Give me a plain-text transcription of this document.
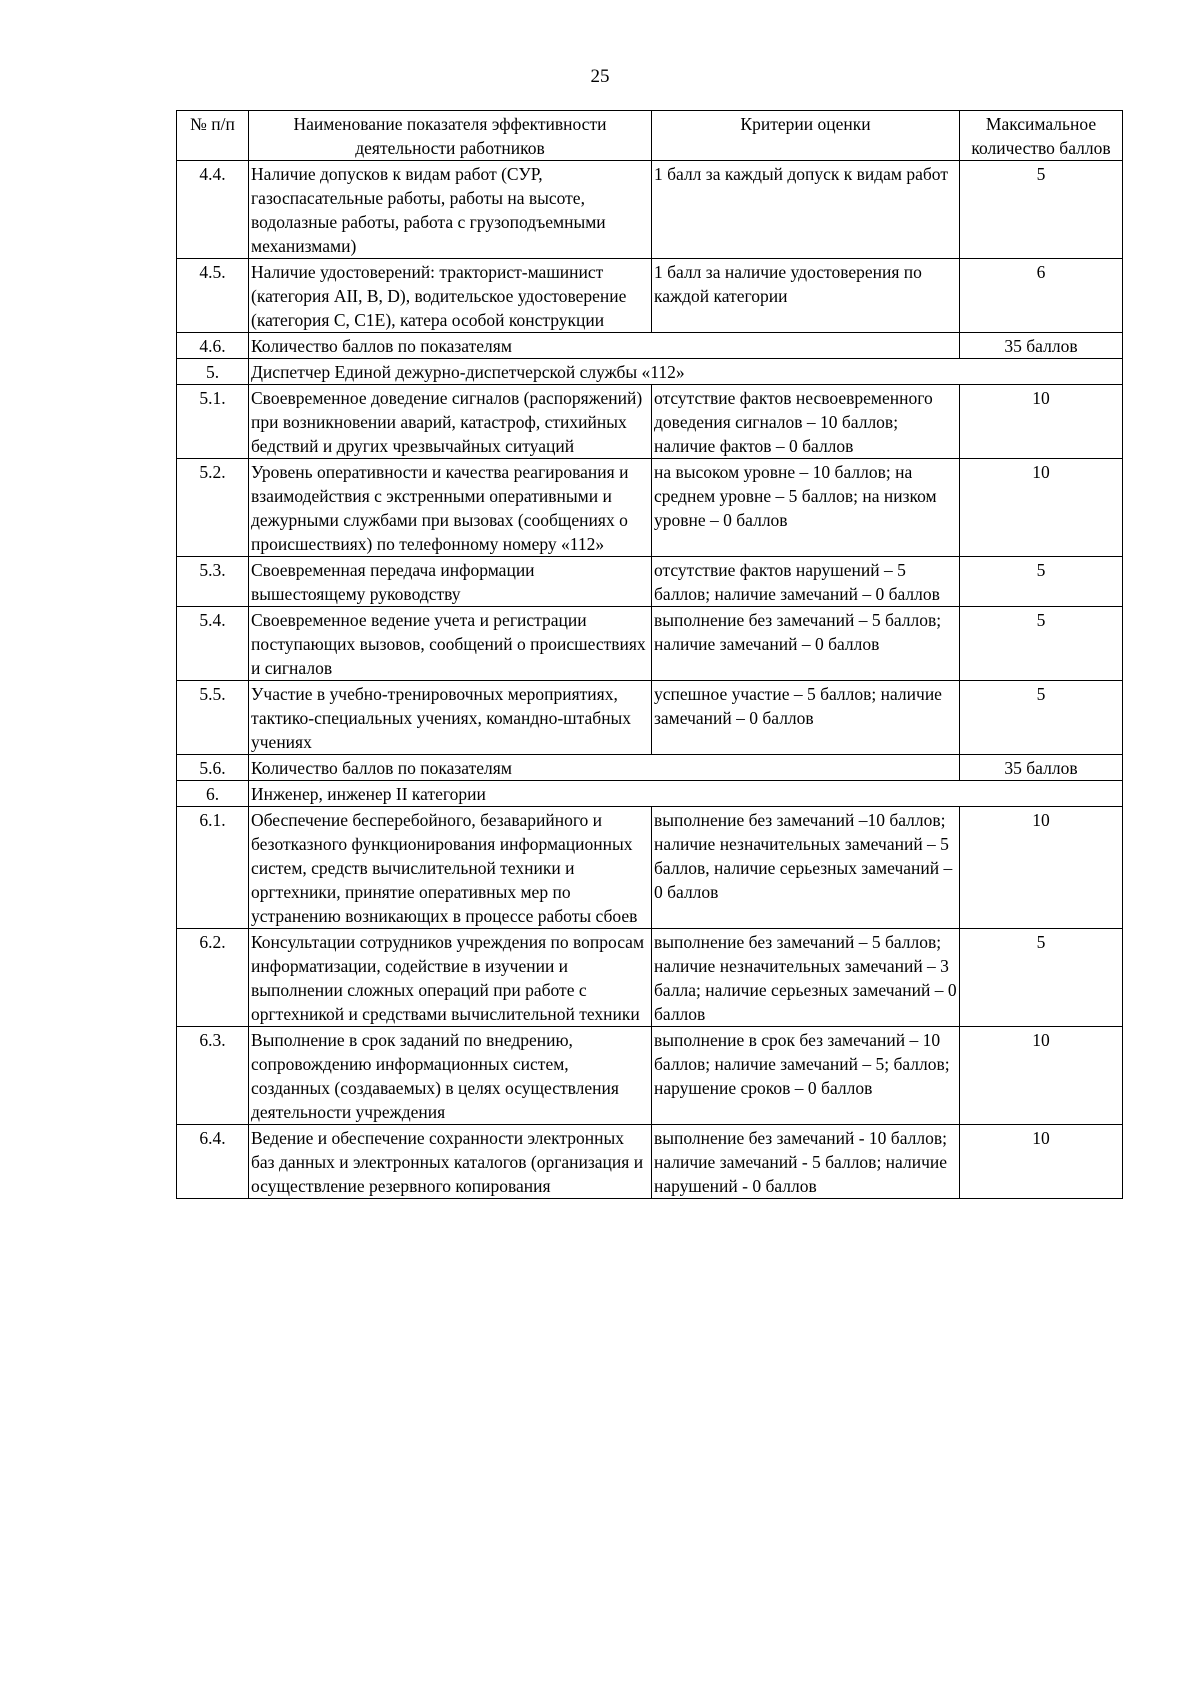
25
№ п/п	Наименование показателя эффективности деятельности работников	Критерии оценки	Максимальное количество баллов
4.4.	Наличие допусков к видам работ (СУР, газоспасательные работы, работы на высоте, водолазные работы, работа с грузоподъемными механизмами)	1 балл за каждый допуск к видам работ	5
4.5.	Наличие удостоверений: тракторист-машинист (категория АII, В, D), водительское удостоверение (категория С, С1Е), катера особой конструкции	1 балл за наличие удостоверения по каждой категории	6
4.6.	Количество баллов по показателям		35 баллов
5.	Диспетчер Единой дежурно-диспетчерской службы «112»		
5.1.	Своевременное доведение сигналов (распоряжений) при возникновении аварий, катастроф, стихийных бедствий и других чрезвычайных ситуаций	отсутствие фактов несвоевременного доведения сигналов – 10 баллов; наличие фактов – 0 баллов	10
5.2.	Уровень оперативности и качества реагирования и взаимодействия с экстренными оперативными и дежурными службами при вызовах (сообщениях о происшествиях) по телефонному номеру «112»	на высоком уровне – 10 баллов; на среднем уровне – 5 баллов; на низком уровне – 0 баллов	10
5.3.	Своевременная передача информации вышестоящему руководству	отсутствие фактов нарушений – 5 баллов; наличие замечаний – 0 баллов	5
5.4.	Своевременное ведение учета и регистрации поступающих вызовов, сообщений о происшествиях и сигналов	выполнение без замечаний – 5 баллов; наличие замечаний – 0 баллов	5
5.5.	Участие в учебно-тренировочных мероприятиях, тактико-специальных учениях, командно-штабных учениях	успешное участие – 5 баллов; наличие замечаний – 0 баллов	5
5.6.	Количество баллов по показателям		35 баллов
6.	Инженер, инженер II категории		
6.1.	Обеспечение бесперебойного, безаварийного и безотказного функционирования информационных систем, средств вычислительной техники и оргтехники, принятие оперативных мер по устранению возникающих в процессе работы сбоев	выполнение без замечаний –10 баллов; наличие незначительных замечаний – 5 баллов, наличие серьезных замечаний – 0 баллов	10
6.2.	Консультации сотрудников учреждения по вопросам информатизации, содействие в изучении и выполнении сложных операций при работе с оргтехникой и средствами вычислительной техники	выполнение без замечаний – 5 баллов; наличие незначительных замечаний – 3 балла; наличие серьезных замечаний – 0 баллов	5
6.3.	Выполнение в срок заданий по внедрению, сопровождению информационных систем, созданных (создаваемых) в целях осуществления деятельности учреждения	выполнение в срок без замечаний – 10 баллов; наличие замечаний – 5; баллов; нарушение сроков – 0 баллов	10
6.4.	Ведение и обеспечение сохранности электронных баз данных и электронных каталогов (организация и осуществление резервного копирования	выполнение без замечаний - 10 баллов; наличие замечаний - 5 баллов; наличие нарушений - 0 баллов	10
